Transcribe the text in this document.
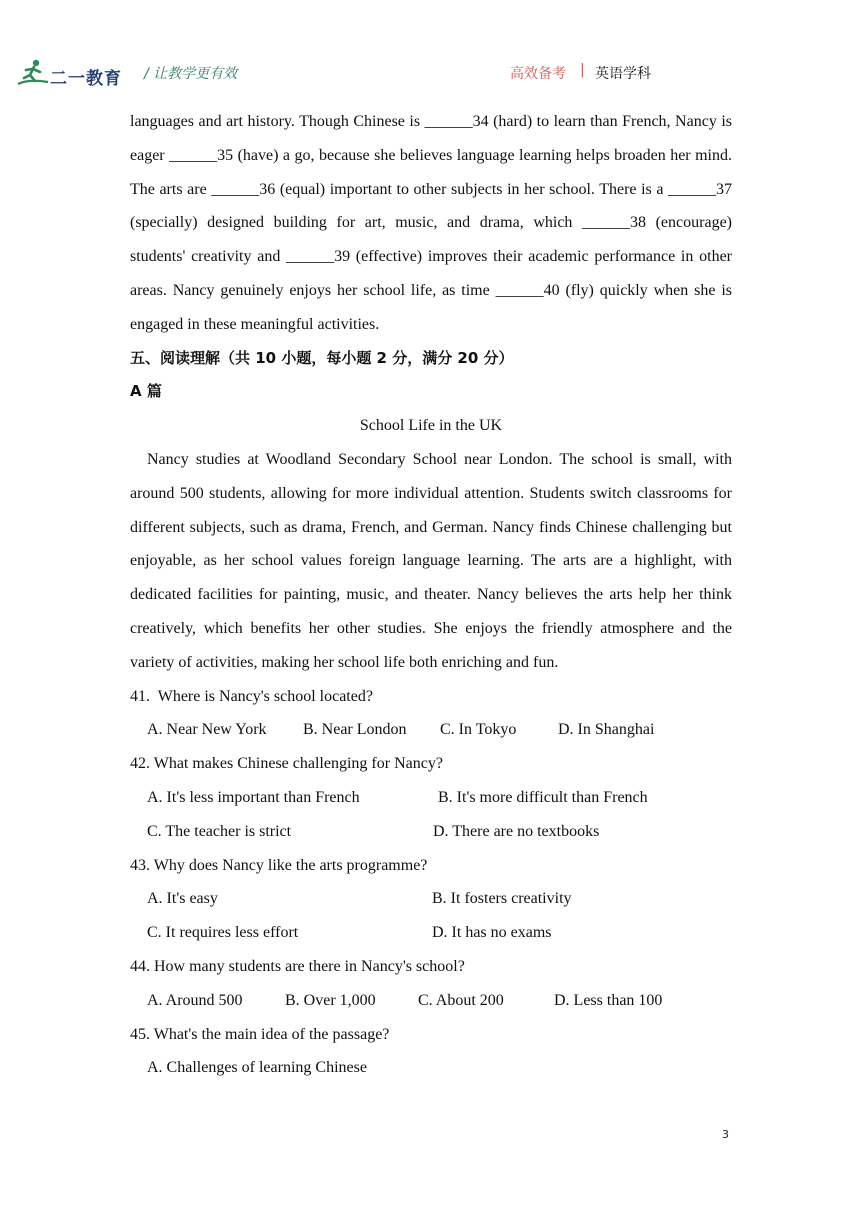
二一教育 / 让教学更有效	高效备考 | 英语学科

languages and art history. Though Chinese is ______34 (hard) to learn than French, Nancy is eager ______35 (have) a go, because she believes language learning helps broaden her mind. The arts are ______36 (equal) important to other subjects in her school. There is a ______37 (specially) designed building for art, music, and drama, which ______38 (encourage) students' creativity and ______39 (effective) improves their academic performance in other areas. Nancy genuinely enjoys her school life, as time ______40 (fly) quickly when she is engaged in these meaningful activities.

五、阅读理解（共 10 小题，每小题 2 分，满分 20 分）

A 篇

School Life in the UK

Nancy studies at Woodland Secondary School near London. The school is small, with around 500 students, allowing for more individual attention. Students switch classrooms for different subjects, such as drama, French, and German. Nancy finds Chinese challenging but enjoyable, as her school values foreign language learning. The arts are a highlight, with dedicated facilities for painting, music, and theater. Nancy believes the arts help her think creatively, which benefits her other studies. She enjoys the friendly atmosphere and the variety of activities, making her school life both enriching and fun.

41.  Where is Nancy's school located?

A. Near New York B. Near London C. In Tokyo	D. In Shanghai

42. What makes Chinese challenging for Nancy?

A. It's less important than French	B. It's more difficult than French
C. The teacher is strict	D. There are no textbooks

43. Why does Nancy like the arts programme?

A. It's easy	B. It fosters creativity
C. It requires less effort	D. It has no exams

44. How many students are there in Nancy's school?

A. Around 500	B. Over 1,000	C. About 200	D. Less than 100

45. What's the main idea of the passage?

A. Challenges of learning Chinese
3
